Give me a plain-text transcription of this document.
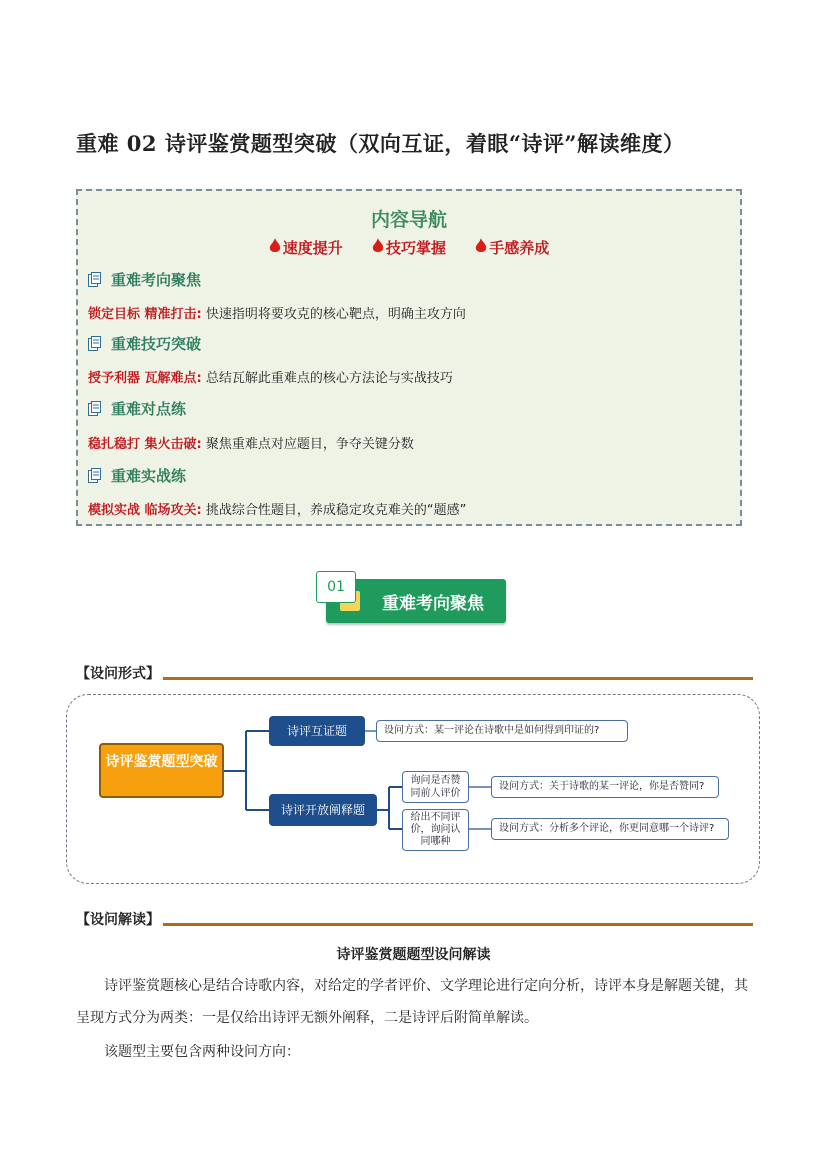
重难 02 诗评鉴赏题型突破（双向互证，着眼“诗评”解读维度）
内容导航
速度提升	技巧掌握	手感养成
重难考向聚焦
锁定目标 精准打击: 快速指明将要攻克的核心靶点，明确主攻方向
重难技巧突破
授予利器 瓦解难点: 总结瓦解此重难点的核心方法论与实战技巧
重难对点练
稳扎稳打 集火击破: 聚焦重难点对应题目，争夺关键分数
重难实战练
模拟实战 临场攻关: 挑战综合性题目，养成稳定攻克难关的“题感”
重难考向聚焦
01
【设问形式】
诗评鉴赏题型突破
诗评互证题	设问方式：某一评论在诗歌中是如何得到印证的?
诗评开放阐释题
询问是否赞同前人评价
设问方式：关于诗歌的某一评论，你是否赞同?
给出不同评价，询问认同哪种
设问方式：分析多个评论，你更同意哪一个诗评?
【设问解读】
诗评鉴赏题题型设问解读
诗评鉴赏题核心是结合诗歌内容，对给定的学者评价、文学理论进行定向分析，诗评本身是解题关键，其呈现方式分为两类：一是仅给出诗评无额外阐释，二是诗评后附简单解读。
该题型主要包含两种设问方向：
